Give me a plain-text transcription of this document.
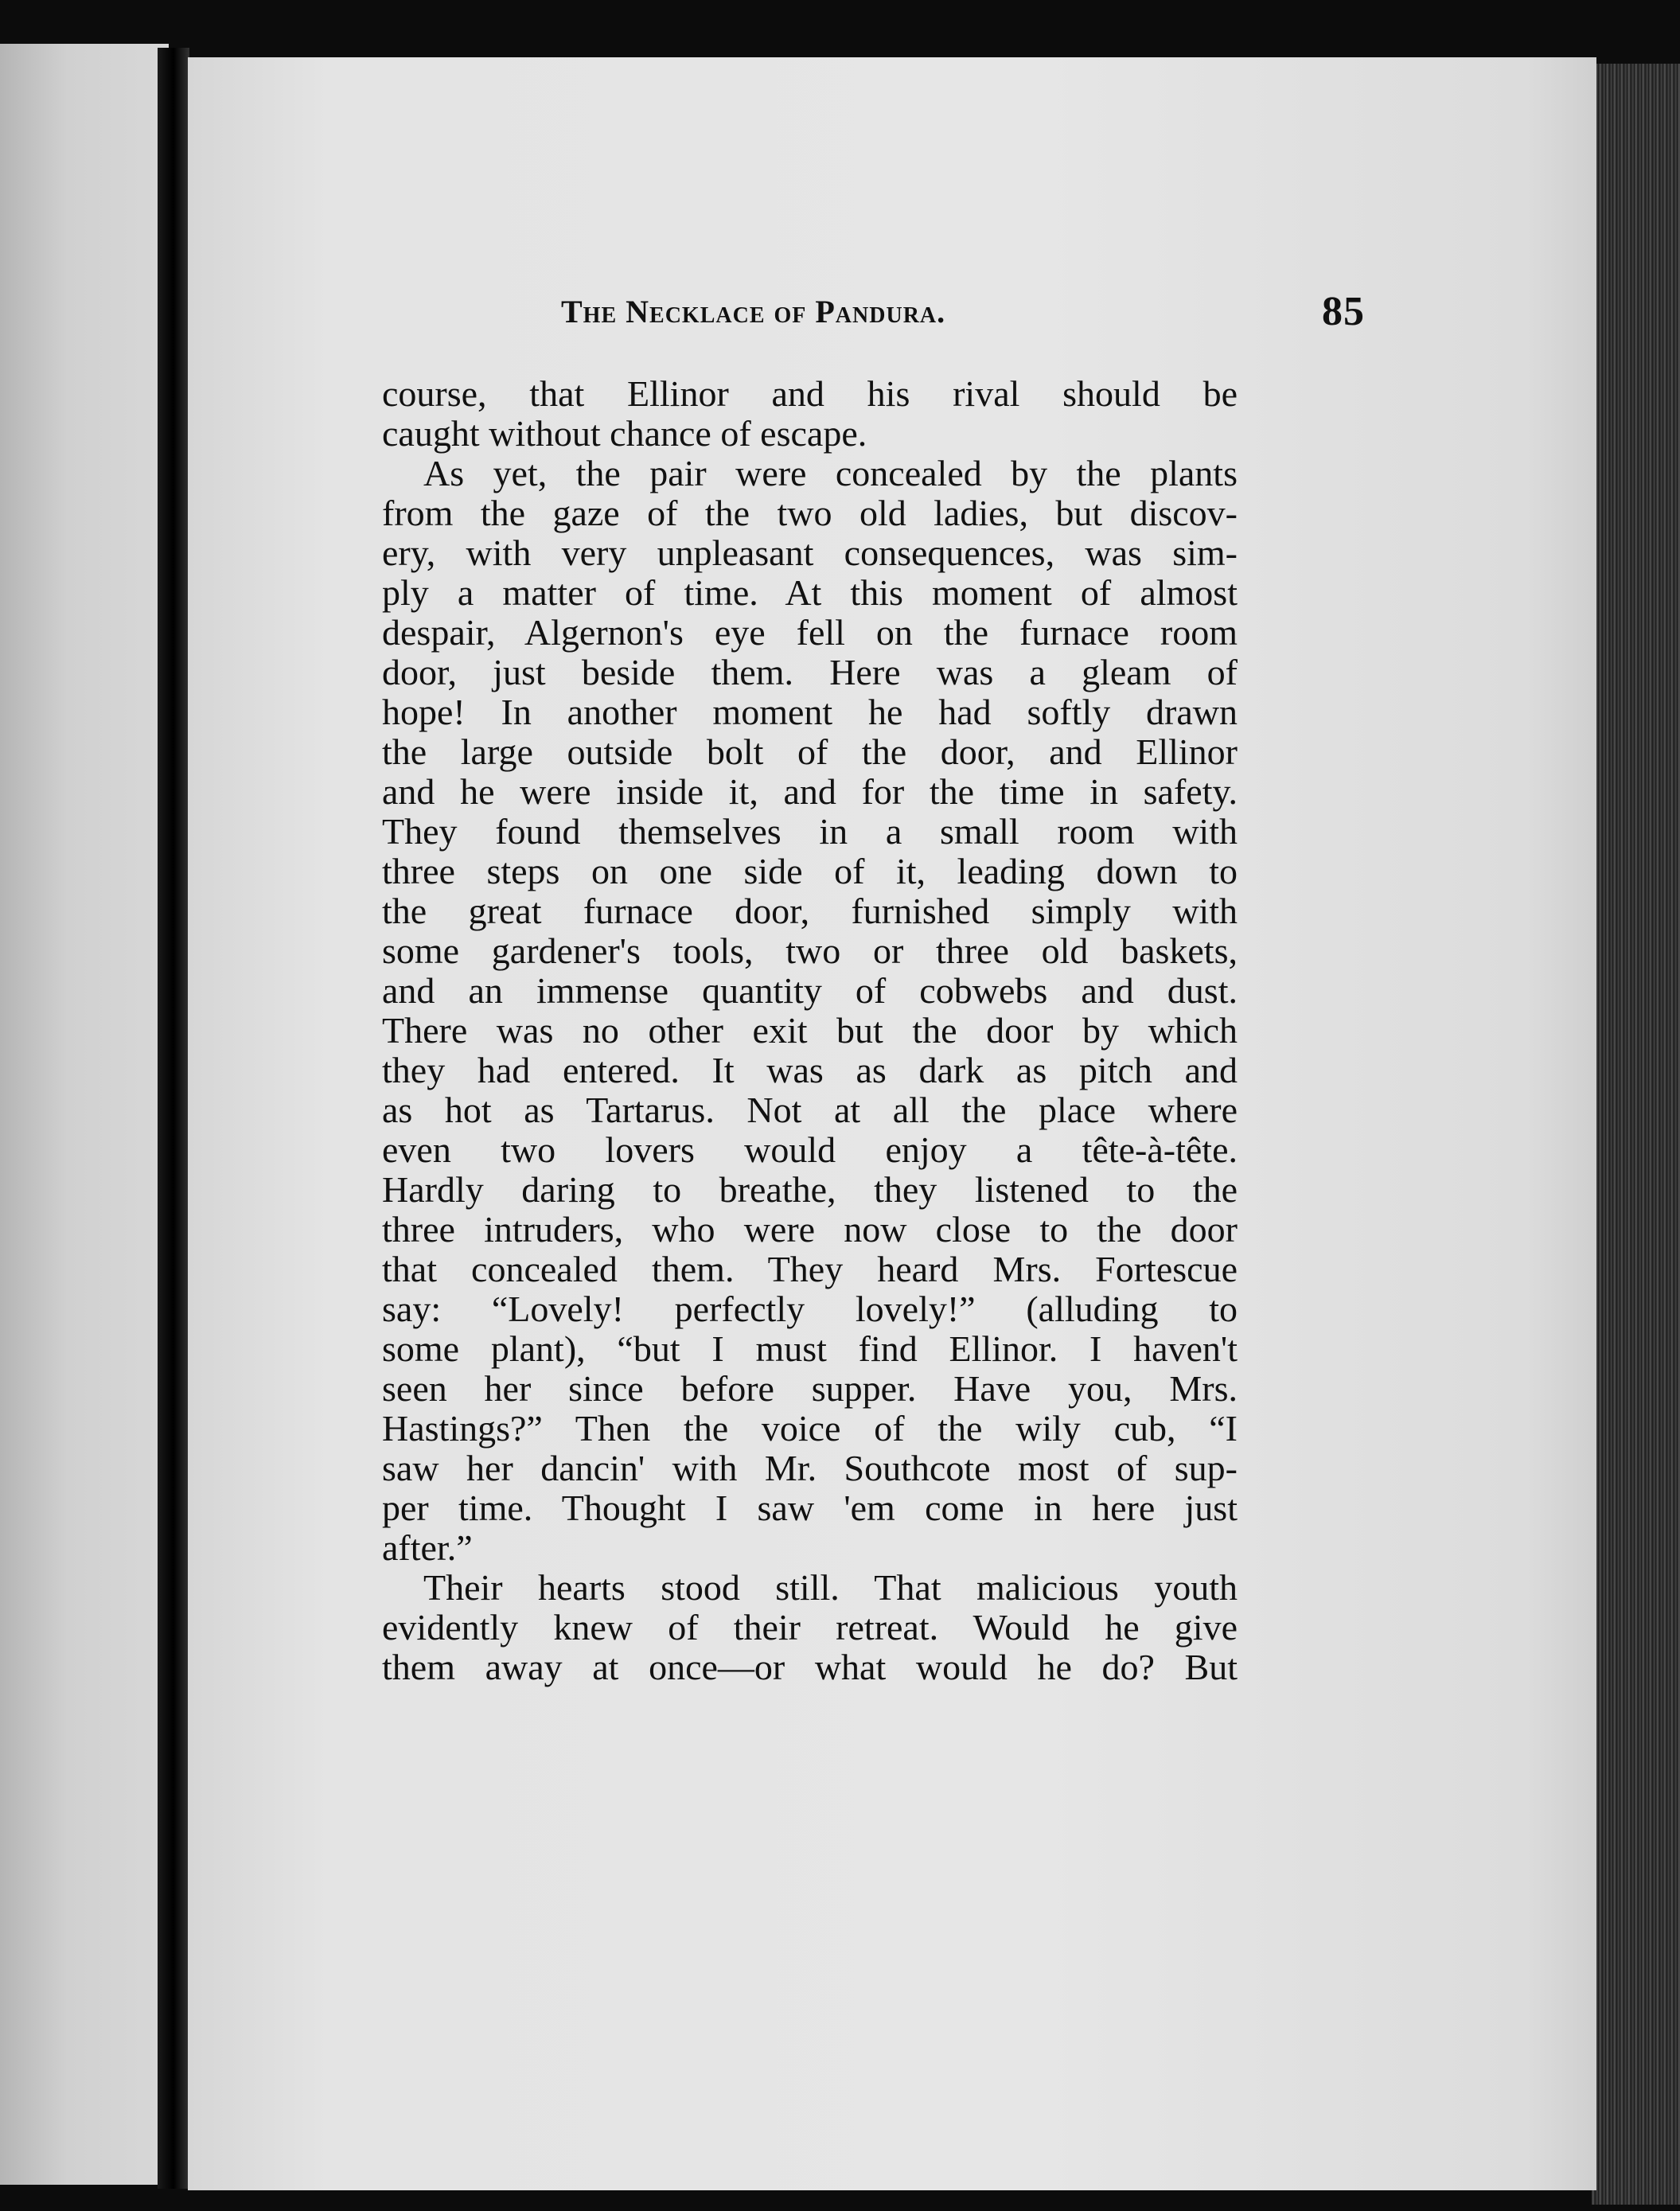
The Necklace of Pandura.	85
course, that Ellinor and his rival should be
caught without chance of escape.
As yet, the pair were concealed by the plants
from the gaze of the two old ladies, but discov-
ery, with very unpleasant consequences, was sim-
ply a matter of time. At this moment of almost
despair, Algernon's eye fell on the furnace room
door, just beside them. Here was a gleam of
hope! In another moment he had softly drawn
the large outside bolt of the door, and Ellinor
and he were inside it, and for the time in safety.
They found themselves in a small room with
three steps on one side of it, leading down to
the great furnace door, furnished simply with
some gardener's tools, two or three old baskets,
and an immense quantity of cobwebs and dust.
There was no other exit but the door by which
they had entered. It was as dark as pitch and
as hot as Tartarus. Not at all the place where
even two lovers would enjoy a tête-à-tête.
Hardly daring to breathe, they listened to the
three intruders, who were now close to the door
that concealed them. They heard Mrs. Fortescue
say: “Lovely! perfectly lovely!” (alluding to
some plant), “but I must find Ellinor. I haven't
seen her since before supper. Have you, Mrs.
Hastings?” Then the voice of the wily cub, “I
saw her dancin' with Mr. Southcote most of sup-
per time. Thought I saw 'em come in here just
after.”
Their hearts stood still. That malicious youth
evidently knew of their retreat. Would he give
them away at once—or what would he do? But
